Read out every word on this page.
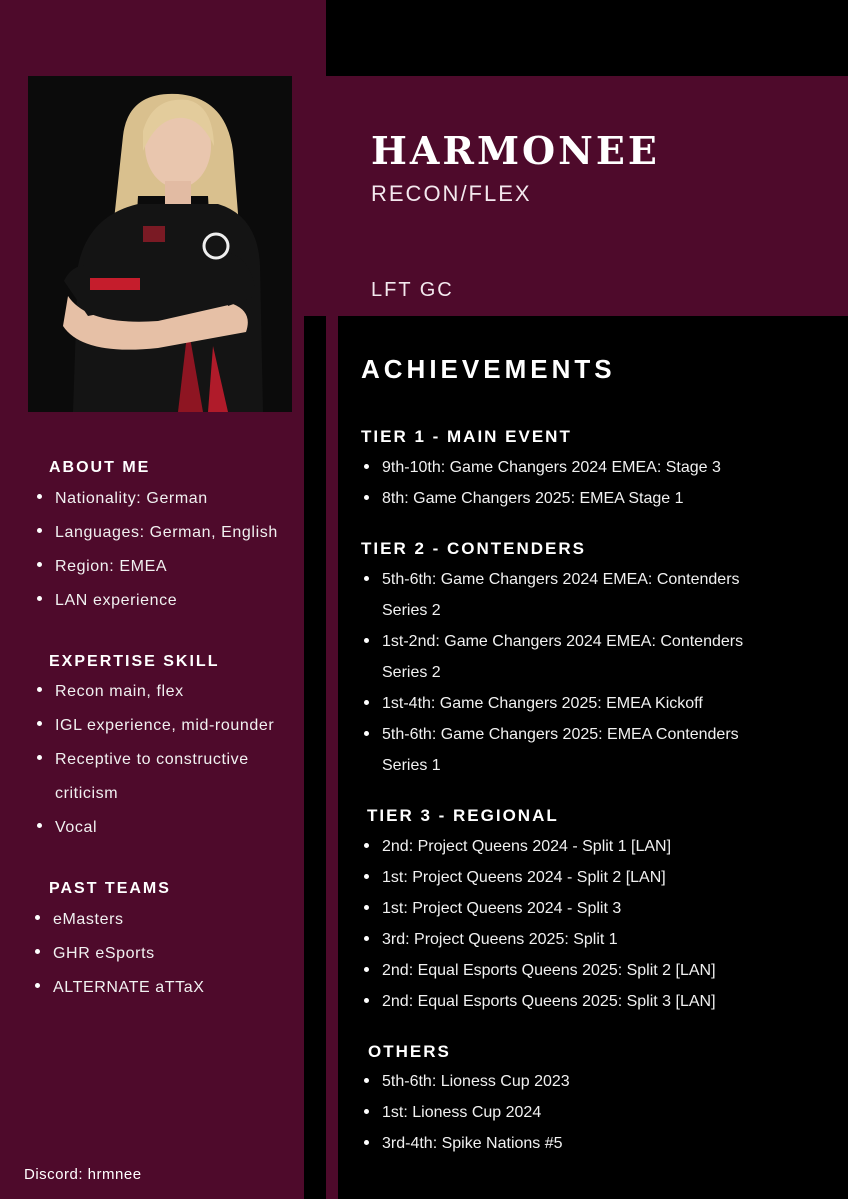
HARMONEE
RECON/FLEX
LFT GC
ABOUT ME
Nationality: German
Languages: German, English
Region: EMEA
LAN experience
EXPERTISE SKILL
Recon main, flex
IGL experience, mid-rounder
Receptive to constructive
criticism
Vocal
PAST TEAMS
eMasters
GHR eSports
ALTERNATE aTTaX
ACHIEVEMENTS
TIER 1 - MAIN EVENT
9th-10th: Game Changers 2024 EMEA: Stage 3
8th: Game Changers 2025: EMEA Stage 1
TIER 2 - CONTENDERS
5th-6th: Game Changers 2024 EMEA: Contenders
Series 2
1st-2nd: Game Changers 2024 EMEA: Contenders
Series 2
1st-4th: Game Changers 2025: EMEA Kickoff
5th-6th: Game Changers 2025: EMEA Contenders
Series 1
TIER 3 - REGIONAL
2nd: Project Queens 2024 - Split 1 [LAN]
1st: Project Queens 2024 - Split 2 [LAN]
1st: Project Queens 2024 - Split 3
3rd: Project Queens 2025: Split 1
2nd: Equal Esports Queens 2025: Split 2 [LAN]
2nd: Equal Esports Queens 2025: Split 3 [LAN]
OTHERS
5th-6th: Lioness Cup 2023
1st: Lioness Cup 2024
3rd-4th: Spike Nations #5
Discord: hrmnee
